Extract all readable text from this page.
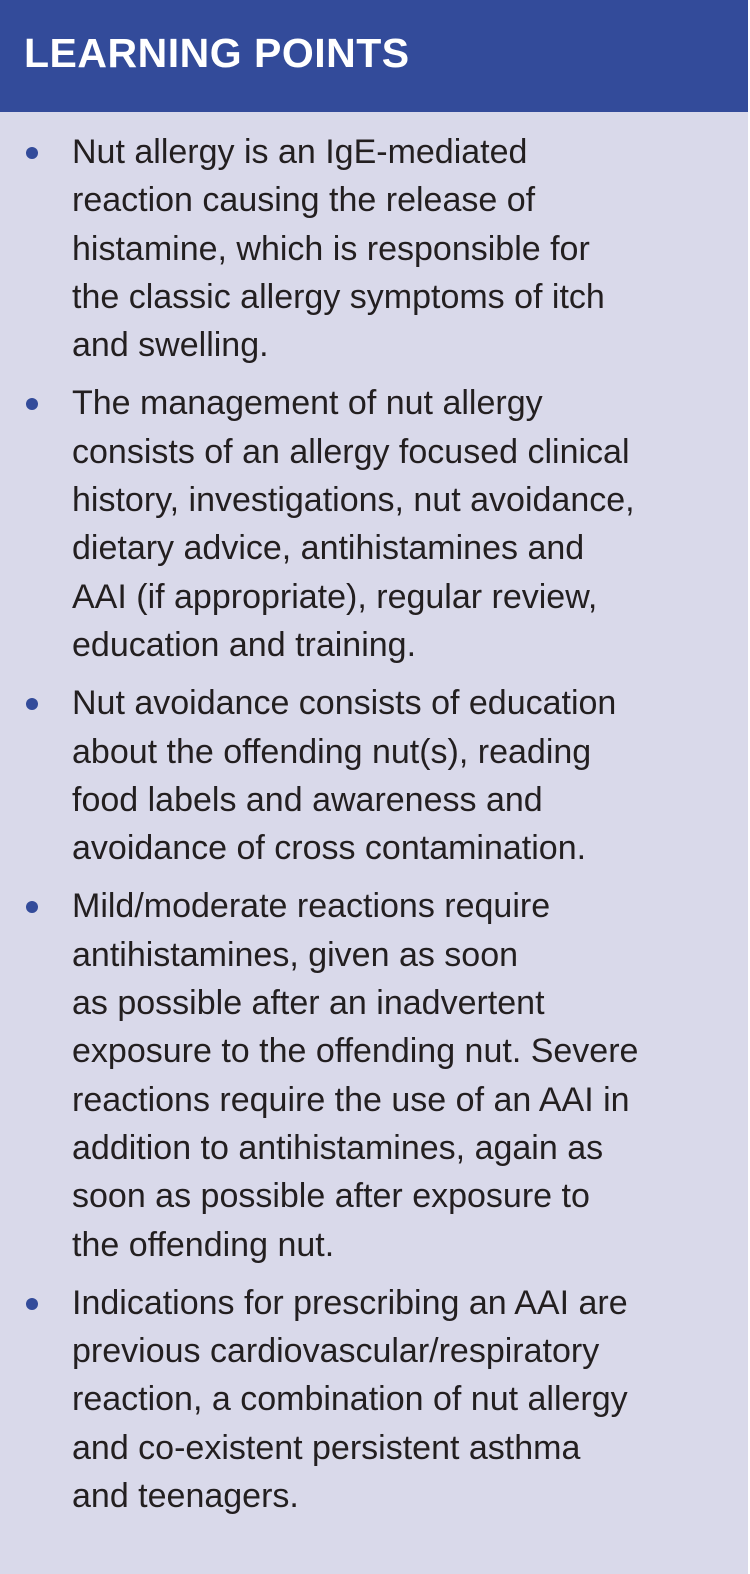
LEARNING POINTS
Nut allergy is an IgE-mediated
reaction causing the release of
histamine, which is responsible for
the classic allergy symptoms of itch
and swelling.
The management of nut allergy
consists of an allergy focused clinical
history, investigations, nut avoidance,
dietary advice, antihistamines and
AAI (if appropriate), regular review,
education and training.
Nut avoidance consists of education
about the offending nut(s), reading
food labels and awareness and
avoidance of cross contamination.
Mild/moderate reactions require
antihistamines, given as soon
as possible after an inadvertent
exposure to the offending nut. Severe
reactions require the use of an AAI in
addition to antihistamines, again as
soon as possible after exposure to
the offending nut.
Indications for prescribing an AAI are
previous cardiovascular/respiratory
reaction, a combination of nut allergy
and co-existent persistent asthma
and teenagers.
